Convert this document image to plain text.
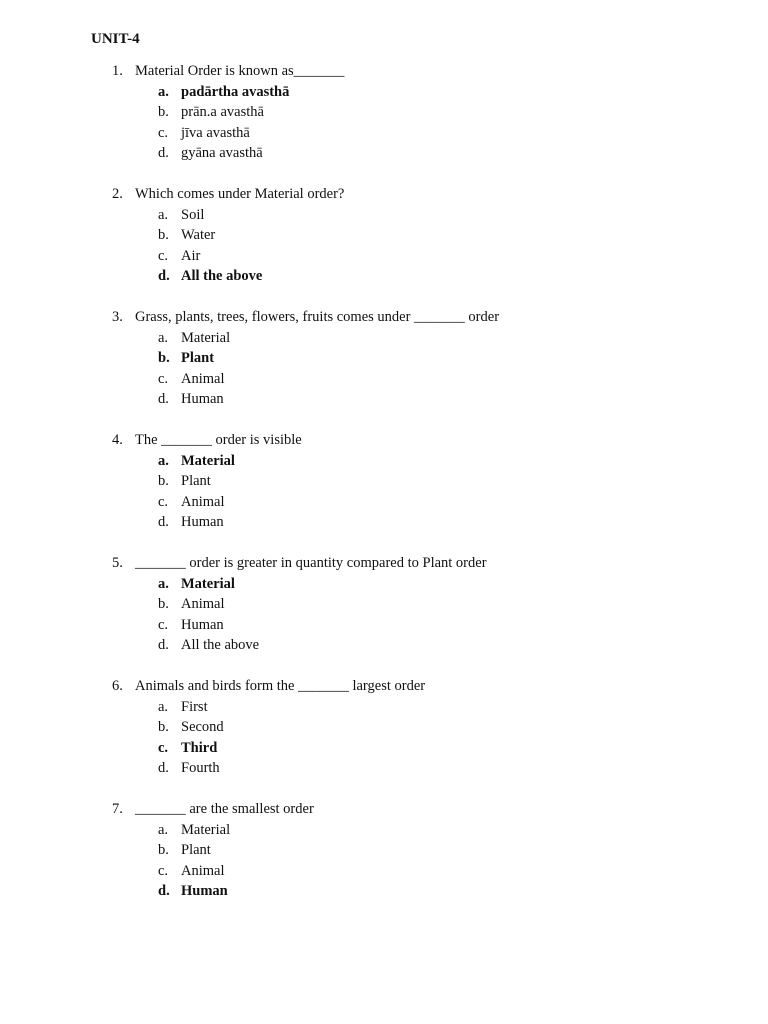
UNIT-4
1. Material Order is known as_______
a. padārtha avasthā
b. prān.a avasthā
c. jīva avasthā
d. gyāna avasthā
2. Which comes under Material order?
a. Soil
b. Water
c. Air
d. All the above
3. Grass, plants, trees, flowers, fruits comes under _______ order
a. Material
b. Plant
c. Animal
d. Human
4. The _______ order is visible
a. Material
b. Plant
c. Animal
d. Human
5. _______ order is greater in quantity compared to Plant order
a. Material
b. Animal
c. Human
d. All the above
6. Animals and birds form the _______ largest order
a. First
b. Second
c. Third
d. Fourth
7. _______ are the smallest order
a. Material
b. Plant
c. Animal
d. Human
